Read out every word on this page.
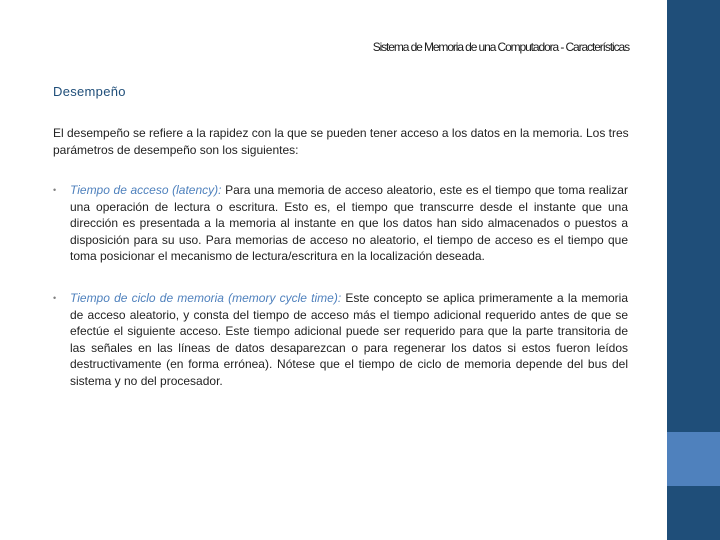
Sistema de Memoria de una Computadora - Características
Desempeño
El desempeño se refiere a la rapidez con la que se pueden tener acceso a los datos en la memoria. Los tres parámetros de desempeño son los siguientes:
• Tiempo de acceso (latency): Para una memoria de acceso aleatorio, este es el tiempo que toma realizar una operación de lectura o escritura. Esto es, el tiempo que transcurre desde el instante que una dirección es presentada a la memoria al instante en que los datos han sido almacenados o puestos a disposición para su uso. Para memorias de acceso no aleatorio, el tiempo de acceso es el tiempo que toma posicionar el mecanismo de lectura/escritura en la localización deseada.
• Tiempo de ciclo de memoria (memory cycle time): Este concepto se aplica primeramente a la memoria de acceso aleatorio, y consta del tiempo de acceso más el tiempo adicional requerido antes de que se efectúe el siguiente acceso. Este tiempo adicional puede ser requerido para que la parte transitoria de las señales en las líneas de datos desaparezcan o para regenerar los datos si estos fueron leídos destructivamente (en forma errónea). Nótese que el tiempo de ciclo de memoria depende del bus del sistema y no del procesador.
